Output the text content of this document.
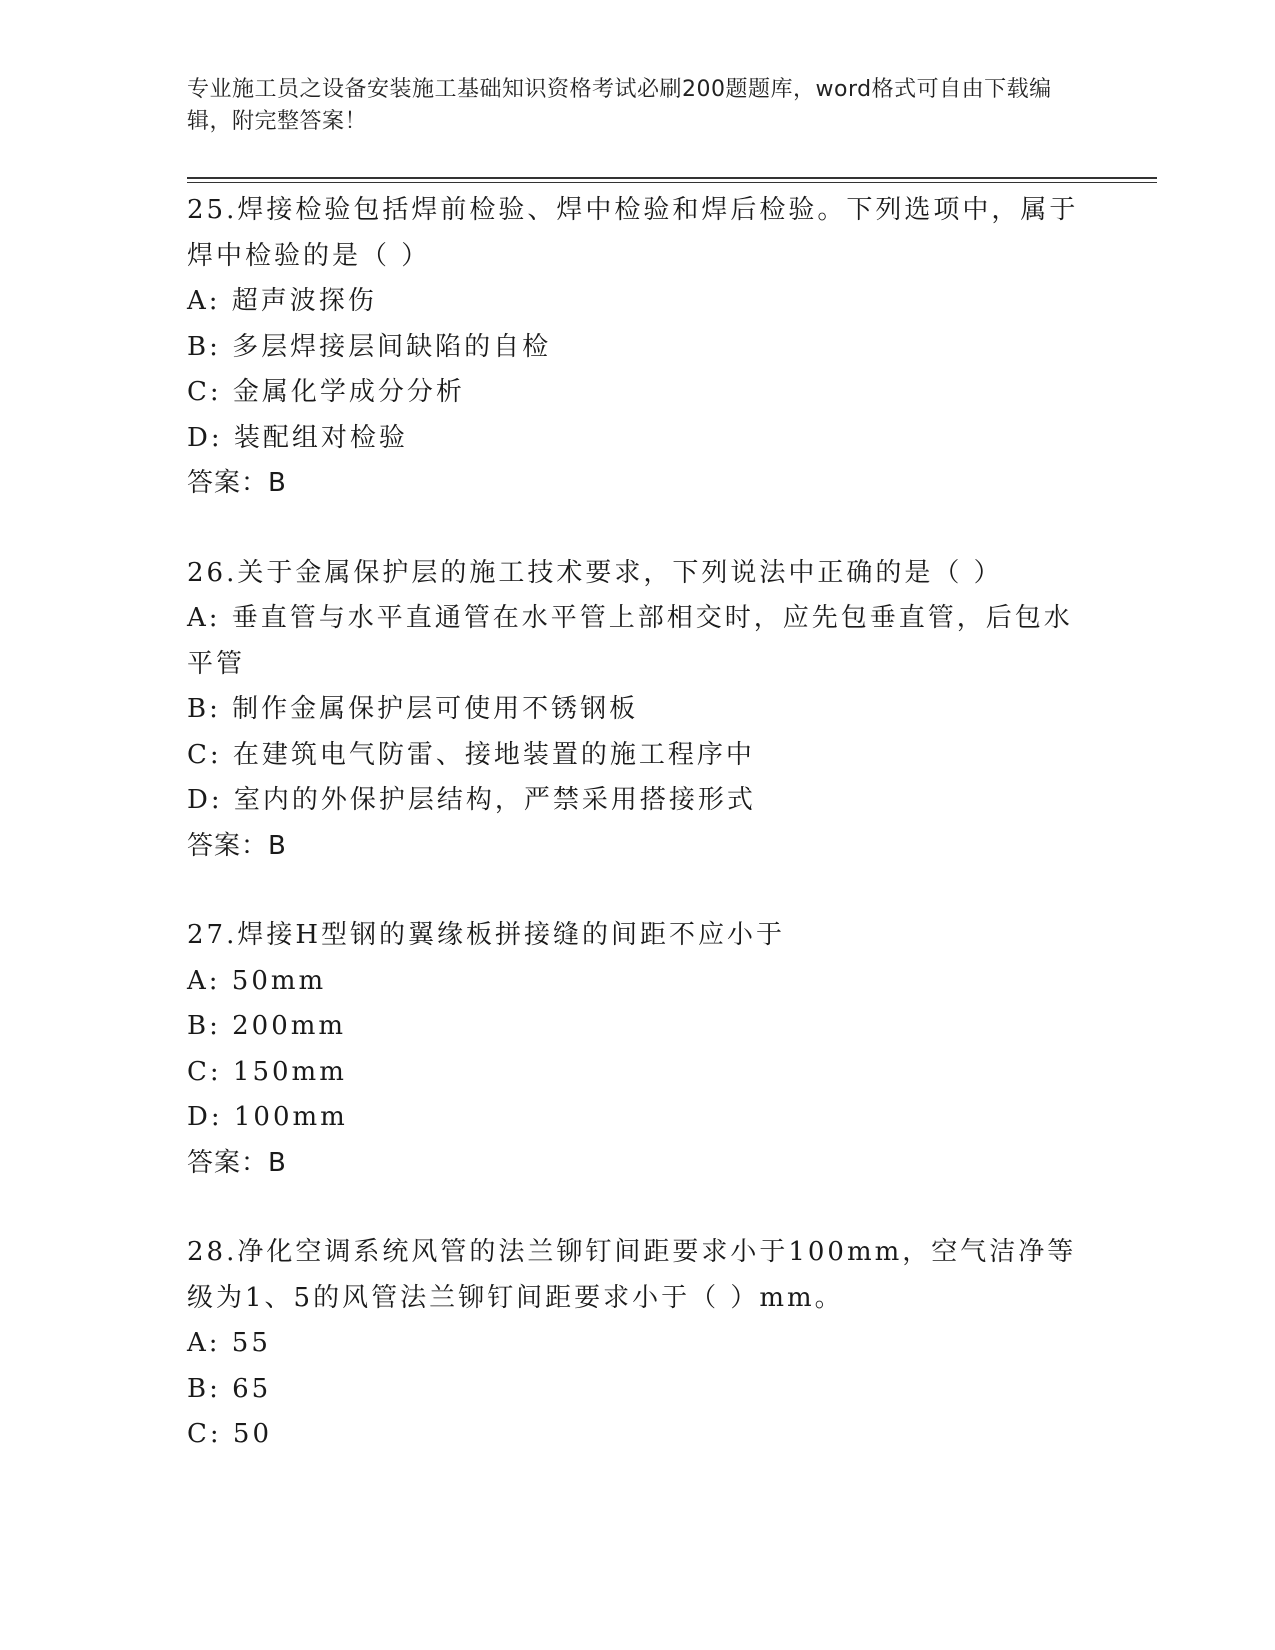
专业施工员之设备安装施工基础知识资格考试必刷200题题库，word格式可自由下载编辑，附完整答案！
25.焊接检验包括焊前检验、焊中检验和焊后检验。下列选项中，属于焊中检验的是（ ）
A: 超声波探伤
B: 多层焊接层间缺陷的自检
C: 金属化学成分分析
D: 装配组对检验
答案：B
26.关于金属保护层的施工技术要求，下列说法中正确的是（ ）
A: 垂直管与水平直通管在水平管上部相交时，应先包垂直管，后包水平管
B: 制作金属保护层可使用不锈钢板
C: 在建筑电气防雷、接地装置的施工程序中
D: 室内的外保护层结构，严禁采用搭接形式
答案：B
27.焊接H型钢的翼缘板拼接缝的间距不应小于
A: 50mm
B: 200mm
C: 150mm
D: 100mm
答案：B
28.净化空调系统风管的法兰铆钉间距要求小于100mm，空气洁净等级为1、5的风管法兰铆钉间距要求小于（ ）mm。
A: 55
B: 65
C: 50
